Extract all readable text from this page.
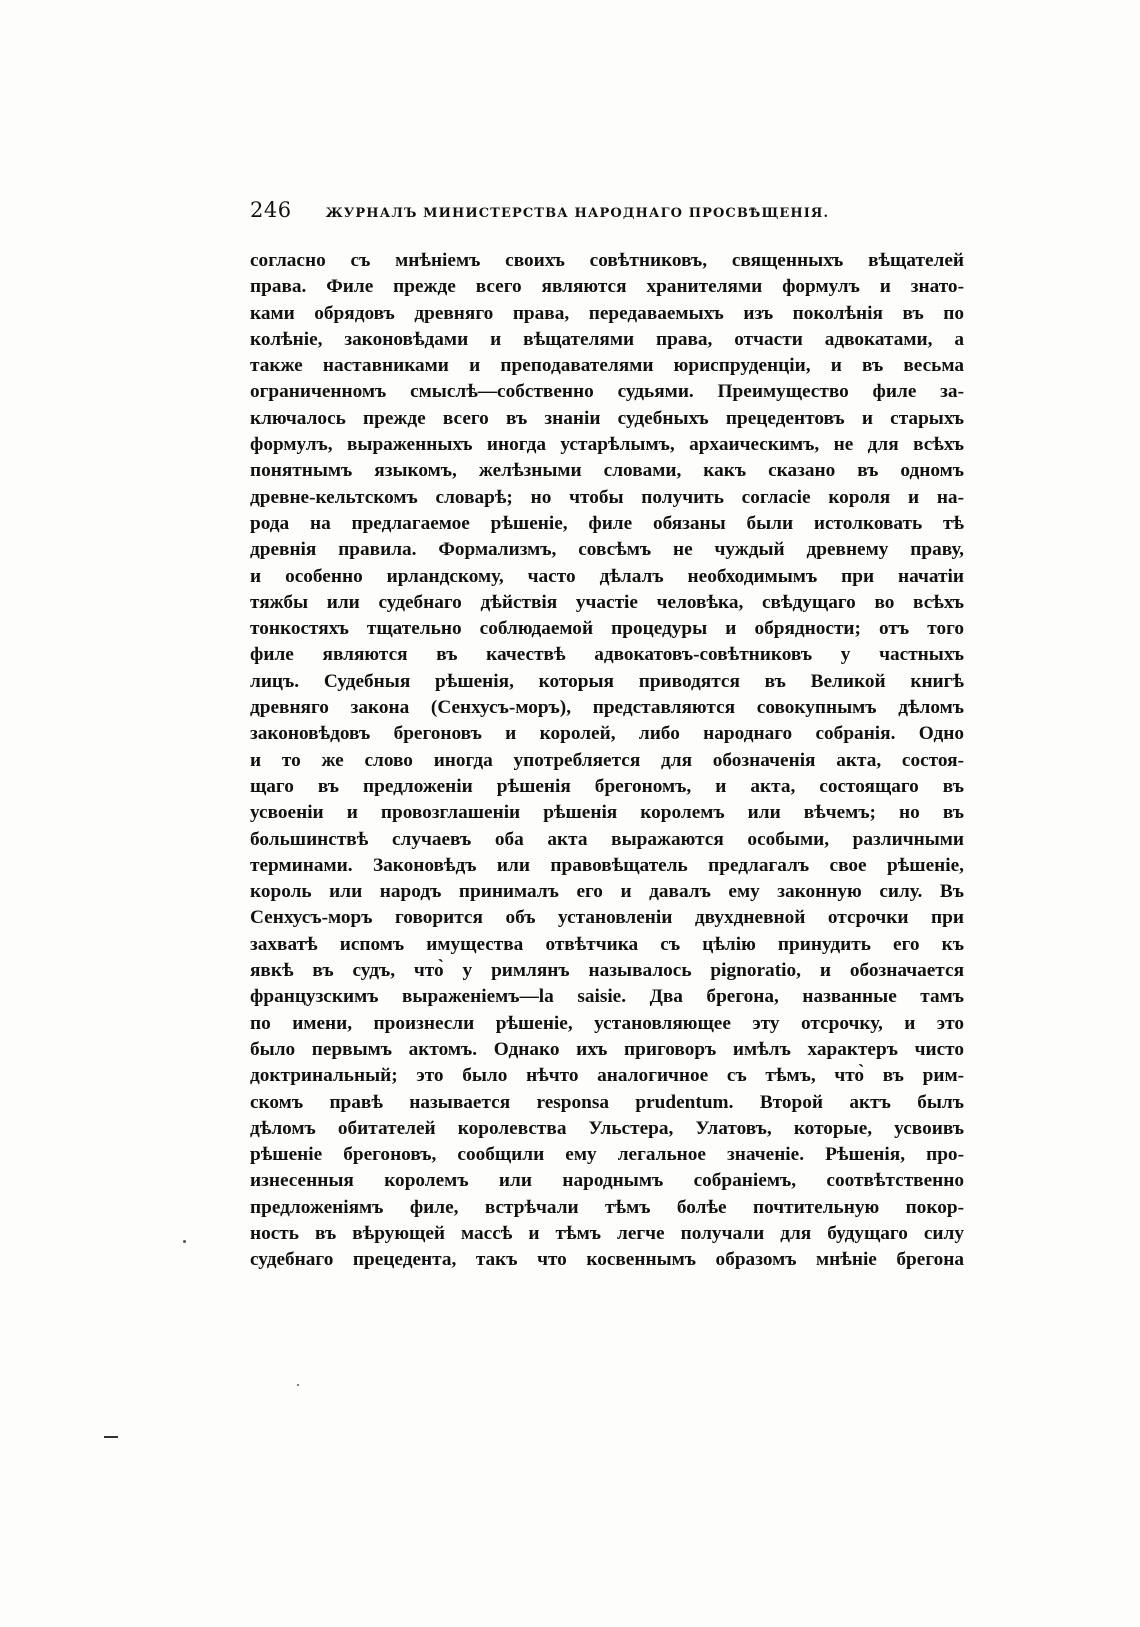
246	ЖУРНАЛЪ МИНИСТЕРСТВА НАРОДНАГО ПРОСВѢЩЕНІЯ.
согласно съ мнѣніемъ своихъ совѣтниковъ, священныхъ вѣщателей
права. Филе прежде всего являются хранителями формулъ и знато-
ками обрядовъ древняго права, передаваемыхъ изъ поколѣнія въ по
колѣніе, законовѣдами и вѣщателями права, отчасти адвокатами, а
также наставниками и преподавателями юриспруденціи, и въ весьма
ограниченномъ смыслѣ—собственно судьями. Преимущество филе за-
ключалось прежде всего въ знаніи судебныхъ прецедентовъ и старыхъ
формулъ, выраженныхъ иногда устарѣлымъ, архаическимъ, не для всѣхъ
понятнымъ языкомъ, желѣзными словами, какъ сказано въ одномъ
древне-кельтскомъ словарѣ; но чтобы получить согласіе короля и на-
рода на предлагаемое рѣшеніе, филе обязаны были истолковать тѣ
древнія правила. Формализмъ, совсѣмъ не чуждый древнему праву,
и особенно ирландскому, часто дѣлалъ необходимымъ при начатіи
тяжбы или судебнаго дѣйствія участіе человѣка, свѣдущаго во всѣхъ
тонкостяхъ тщательно соблюдаемой процедуры и обрядности; отъ того
филе являются въ качествѣ адвокатовъ-совѣтниковъ у частныхъ
лицъ. Судебныя рѣшенія, которыя приводятся въ Великой книгѣ
древняго закона (Сенхусъ-моръ), представляются совокупнымъ дѣломъ
законовѣдовъ брегоновъ и королей, либо народнаго собранія. Одно
и то же слово иногда употребляется для обозначенія акта, состоя-
щаго въ предложеніи рѣшенія брегономъ, и акта, состоящаго въ
усвоеніи и провозглашеніи рѣшенія королемъ или вѣчемъ; но въ
большинствѣ случаевъ оба акта выражаются особыми, различными
терминами. Законовѣдъ или правовѣщатель предлагалъ свое рѣшеніе,
король или народъ принималъ его и давалъ ему законную силу. Въ
Сенхусъ-моръ говорится объ установленіи двухдневной отсрочки при
захватѣ испомъ имущества отвѣтчика съ цѣлію принудить его къ
явкѣ въ судъ, что̀ у римлянъ называлось pignoratio, и обозначается
французскимъ выраженіемъ—la saisie. Два брегона, названные тамъ
по имени, произнесли рѣшеніе, установляющее эту отсрочку, и это
было первымъ актомъ. Однако ихъ приговоръ имѣлъ характеръ чисто
доктринальный; это было нѣчто аналогичное съ тѣмъ, что̀ въ рим-
скомъ правѣ называется responsa prudentum. Второй актъ былъ
дѣломъ обитателей королевства Ульстера, Улатовъ, которые, усвоивъ
рѣшеніе брегоновъ, сообщили ему легальное значеніе. Рѣшенія, про-
изнесенныя королемъ или народнымъ собраніемъ, соотвѣтственно
предложеніямъ филе, встрѣчали тѣмъ болѣе почтительную покор-
ность въ вѣрующей массѣ и тѣмъ легче получали для будущаго силу
судебнаго прецедента, такъ что косвеннымъ образомъ мнѣніе брегона
